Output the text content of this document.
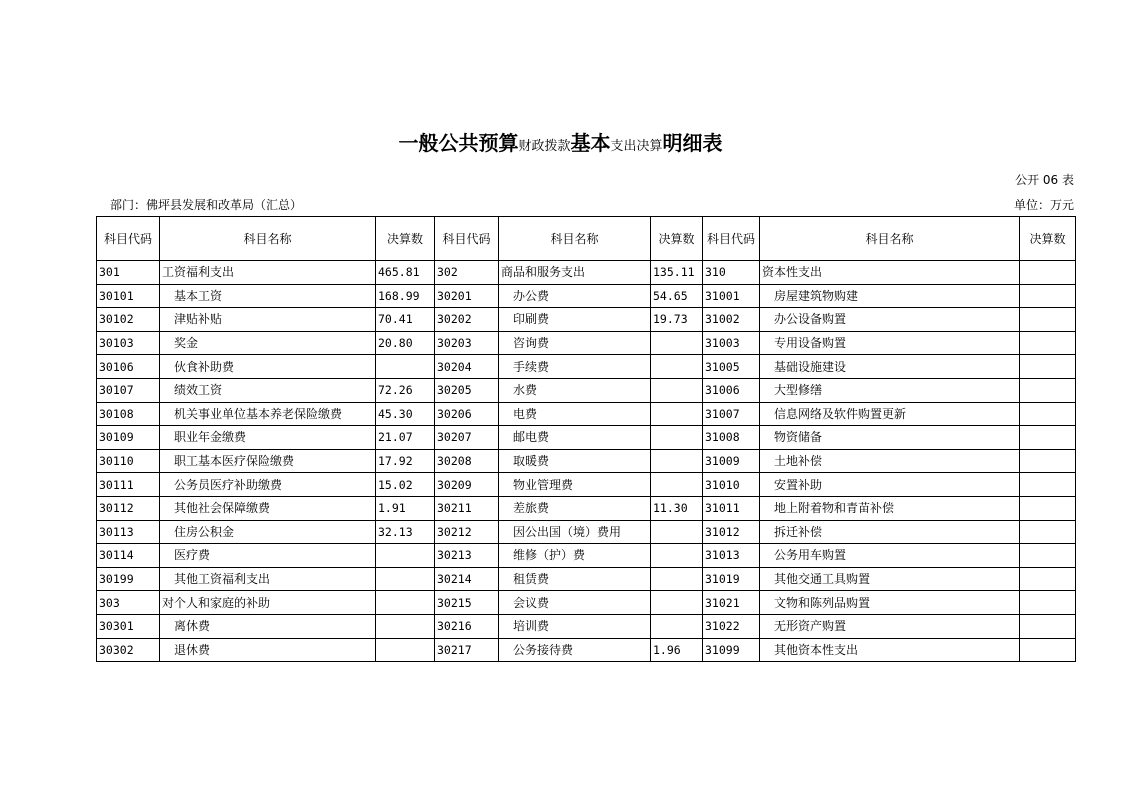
一般公共预算财政拨款基本支出决算明细表
公开 06 表
部门：佛坪县发展和改革局（汇总）	单位：万元
科目代码	科目名称	决算数	科目代码	科目名称	决算数	科目代码	科目名称	决算数
301	工资福利支出	465.81	302	商品和服务支出	135.11	310	资本性支出	
30101	基本工资	168.99	30201	办公费	54.65	31001	房屋建筑物购建	
30102	津贴补贴	70.41	30202	印刷费	19.73	31002	办公设备购置	
30103	奖金	20.80	30203	咨询费		31003	专用设备购置	
30106	伙食补助费		30204	手续费		31005	基础设施建设	
30107	绩效工资	72.26	30205	水费		31006	大型修缮	
30108	机关事业单位基本养老保险缴费	45.30	30206	电费		31007	信息网络及软件购置更新	
30109	职业年金缴费	21.07	30207	邮电费		31008	物资储备	
30110	职工基本医疗保险缴费	17.92	30208	取暖费		31009	土地补偿	
30111	公务员医疗补助缴费	15.02	30209	物业管理费		31010	安置补助	
30112	其他社会保障缴费	1.91	30211	差旅费	11.30	31011	地上附着物和青苗补偿	
30113	住房公积金	32.13	30212	因公出国（境）费用		31012	拆迁补偿	
30114	医疗费		30213	维修（护）费		31013	公务用车购置	
30199	其他工资福利支出		30214	租赁费		31019	其他交通工具购置	
303	对个人和家庭的补助		30215	会议费		31021	文物和陈列品购置	
30301	离休费		30216	培训费		31022	无形资产购置	
30302	退休费		30217	公务接待费	1.96	31099	其他资本性支出	
